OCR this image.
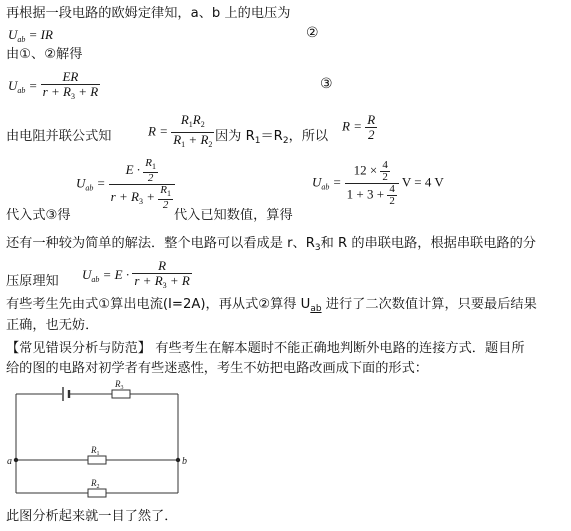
再根据一段电路的欧姆定律知，a、b 上的电压为
$U_{ab}$ = IR	②
由①、②解得
$U_{ab} = \frac{ER}{r + R_3 + R}$	③
由电阻并联公式知	$R = \frac{R_1R_2}{R_1 + R_2}$ 因为 $R_1=R_2$，所以
$R = \frac{R}{2}$
$U_{ab} = \frac{E \cdot \frac{R_1}{2}}{r + R_3 + \frac{R_1}{2}}$	$U_{ab} = \frac{12 \times \frac{4}{2}}{1 + 3 + \frac{4}{2}}$ V = 4 V
代入式③得	代入已知数值，算得
还有一种较为简单的解法．整个电路可以看成是 r、$R_3$和 R 的串联电路，根据串联电路的分
压原理知 $U_{ab} = E \cdot \frac{R}{r + R_3 + R}$
有些考生先由式①算出电流(I=2A)，再从式②算得 $U_{ab}$ 进行了二次数值计算，只要最后结果
正确，也无妨．
【常见错误分析与防范】 有些考生在解本题时不能正确地判断外电路的连接方式．题目所
给的图的电路对初学者有些迷惑性，考生不妨把电路改画成下面的形式：
$R_3$
$R_1$
$R_2$
a	b
此图分析起来就一目了然了．
